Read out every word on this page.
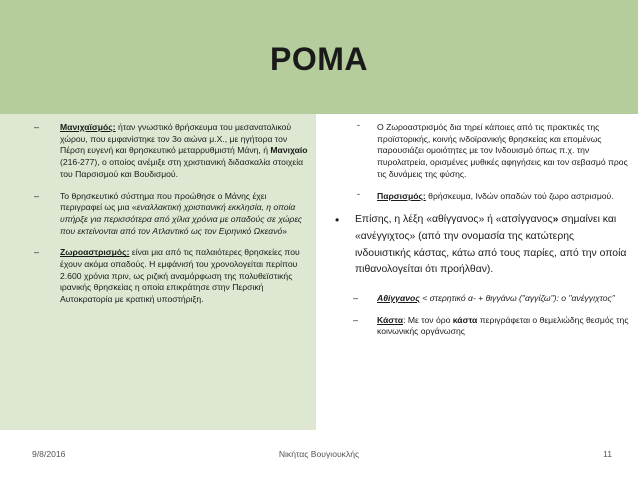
ΡΟΜΑ
– Μανιχαϊσμός: ήταν γνωστικό θρήσκευμα του μεσανατολικού χώρου, που εμφανίστηκε τον 3ο αιώνα μ.Χ., με ηγήτορα τον Πέρση ευγενή και θρησκευτικό μεταρρυθμιστή Μάνη, ή Μανιχαίο (216-277), ο οποίος ανέμιξε στη χριστιανική διδασκαλία στοιχεία του Παρσισμού και Βουδισμού.
– Το θρησκευτικό σύστημα που προώθησε ο Μάνης έχει περιγραφεί ως μια «εναλλακτική χριστιανική εκκλησία, η οποία υπήρξε για περισσότερα από χίλια χρόνια με οπαδούς σε χώρες που εκτείνονται από τον Ατλαντικό ως τον Ειρηνικό Ωκεανό»
– Ζωροαστρισμός: είναι μια από τις παλαιότερες θρησκείες που έχουν ακόμα οπαδούς. Η εμφάνισή του χρονολογείται περίπου 2.600 χρόνια πριν, ως ριζική αναμόρφωση της πολυθεϊστικής ιρανικής θρησκείας η οποία επικράτησε στην Περσική Αυτοκρατορία με κρατική υποστήριξη.
- Ο Ζωροαστρισμός δια τηρεί κάποιες από τις πρακτικές της προϊστορικής, κοινής ινδοϊρανικής θρησκείας και επομένως παρουσιάζει ομοιότητες με τον Ινδουισμό όπως π.χ. την πυρολατρεία, ορισμένες μυθικές αφηγήσεις και τον σεβασμό προς τις δυνάμεις της φύσης.
- Παρσισμός: θρήσκευμα, Ινδών οπαδών τού ζωρο αστρισμού.
• Επίσης, η λέξη «αθίγγανος» ή «ατσίγγανος» σημαίνει και «ανέγγιχτος» (από την ονομασία της κατώτερης ινδουιστικής κάστας, κάτω από τους παρίες, από την οποία πιθανολογείται ότι προήλθαν).
– Αθίγγανος < στερητικό α- + θιγγάνω ("αγγίζω"): ο "ανέγγιχτος"
– Κάστα: Με τον όρο κάστα περιγράφεται ο θεμελιώδης θεσμός της κοινωνικής οργάνωσης
9/8/2016	Νικήτας Βουγιουκλής	11
